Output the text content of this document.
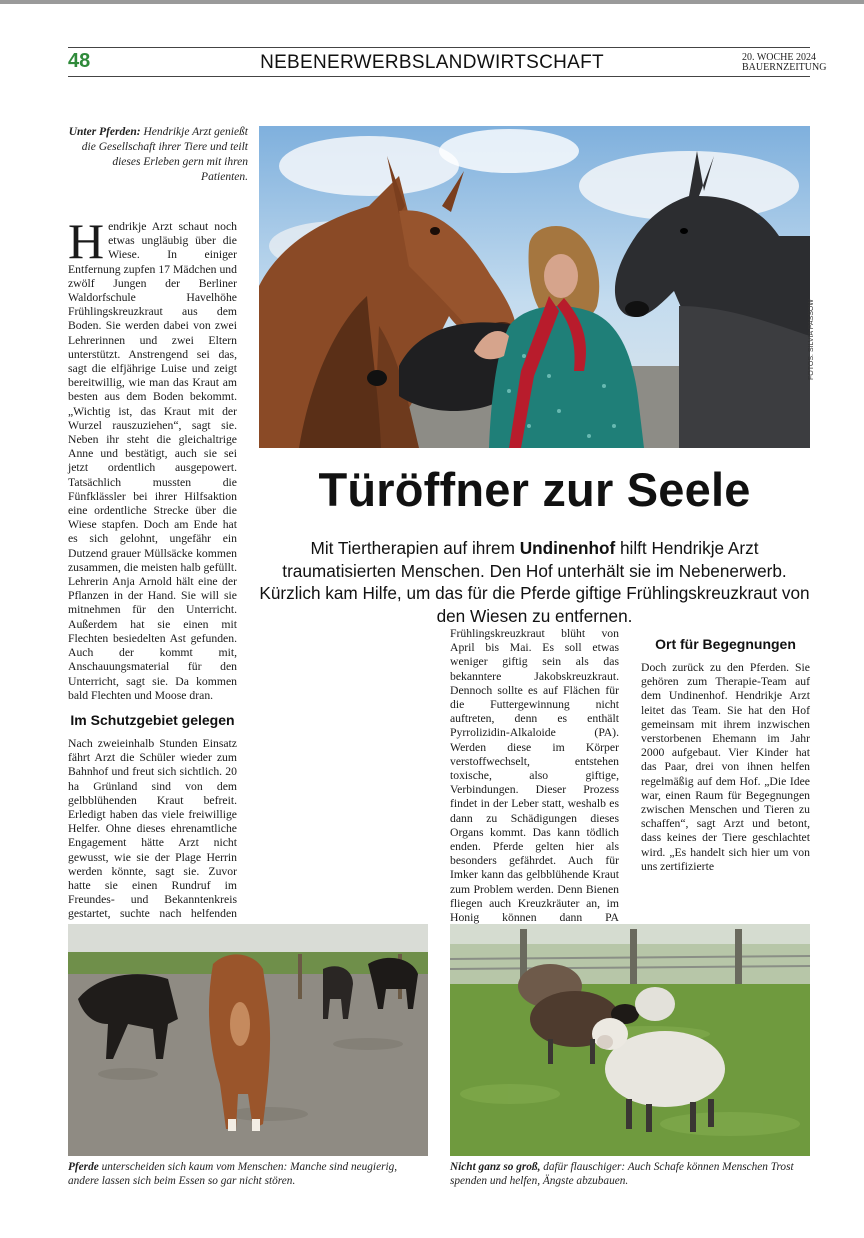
48	NEBENERWERBSLANDWIRTSCHAFT	20. WOCHE 2024
BAUERNZEITUNG
Unter Pferden: Hendrikje Arzt genießt die Gesellschaft ihrer Tiere und teilt dieses Erleben gern mit ihren Patienten.
FOTOS: SILVIA PASSOW
Türöffner zur Seele
Mit Tiertherapien auf ihrem Undinenhof hilft Hendrikje Arzt traumatisierten Menschen. Den Hof unterhält sie im Nebenerwerb. Kürzlich kam Hilfe, um das für die Pferde giftige Frühlingskreuzkraut von den Wiesen zu entfernen.

Hendrikje Arzt schaut noch etwas ungläubig über die Wiese. In einiger Entfernung zupfen 17 Mädchen und zwölf Jungen der Berliner Waldorfschule Havelhöhe Frühlingskreuzkraut aus dem Boden. Sie werden dabei von zwei Lehrerinnen und zwei Eltern unterstützt. Anstrengend sei das, sagt die elfjährige Luise und zeigt bereitwillig, wie man das Kraut am besten aus dem Boden bekommt. „Wichtig ist, das Kraut mit der Wurzel rauszuziehen“, sagt sie. Neben ihr steht die gleichaltrige Anne und bestätigt, auch sie sei jetzt ordentlich ausgepowert. Tatsächlich mussten die Fünfklässler bei ihrer Hilfsaktion eine ordentliche Strecke über die Wiese stapfen. Doch am Ende hat es sich gelohnt, ungefähr ein Dutzend grauer Müllsäcke kommen zusammen, die meisten halb gefüllt. Lehrerin Anja Arnold hält eine der Pflanzen in der Hand. Sie will sie mitnehmen für den Unterricht. Außerdem hat sie einen mit Flechten besiedelten Ast gefunden. Auch der kommt mit, Anschauungsmaterial für den Unterricht, sagt sie. Da kommen bald Flechten und Moose dran.

Im Schutzgebiet gelegen

Nach zweieinhalb Stunden Einsatz fährt Arzt die Schüler wieder zum Bahnhof und freut sich sichtlich. 20 ha Grünland sind von dem gelbblühenden Kraut befreit. Erledigt haben das viele freiwillige Helfer. Ohne dieses ehrenamtliche Engagement hätte Arzt nicht gewusst, wie sie der Plage Herrin werden könnte, sagt sie. Zuvor hatte sie einen Rundruf im Freundes- und Bekanntenkreis gestartet, suchte nach helfenden

Frühlingskreuzkraut blüht von April bis Mai. Es soll etwas weniger giftig sein als das bekanntere Jakobskreuzkraut. Dennoch sollte es auf Flächen für die Futtergewinnung nicht auftreten, denn es enthält Pyrrolizidin-Alkaloide (PA). Werden diese im Körper verstoffwechselt, entstehen toxische, also giftige, Verbindungen. Dieser Prozess findet in der Leber statt, weshalb es dann zu Schädigungen dieses Organs kommt. Das kann tödlich enden. Pferde gelten hier als besonders gefährdet. Auch für Imker kann das gelbblühende Kraut zum Problem werden. Denn Bienen fliegen auch Kreuzkräuter an, im Honig können dann PA

Ort für Begegnungen

Doch zurück zu den Pferden. Sie gehören zum Therapie-Team auf dem Undinenhof. Hendrikje Arzt leitet das Team. Sie hat den Hof gemeinsam mit ihrem inzwischen verstorbenen Ehemann im Jahr 2000 aufgebaut. Vier Kinder hat das Paar, drei von ihnen helfen regelmäßig auf dem Hof. „Die Idee war, einen Raum für Begegnungen zwischen Menschen und Tieren zu schaffen“, sagt Arzt und betont, dass keines der Tiere geschlachtet wird. „Es handelt sich hier um von uns zertifizierte

Pferde unterscheiden sich kaum vom Menschen: Manche sind neugierig, andere lassen sich beim Essen so gar nicht stören.
Nicht ganz so groß, dafür flauschiger: Auch Schafe können Menschen Trost spenden und helfen, Ängste abzubauen.
